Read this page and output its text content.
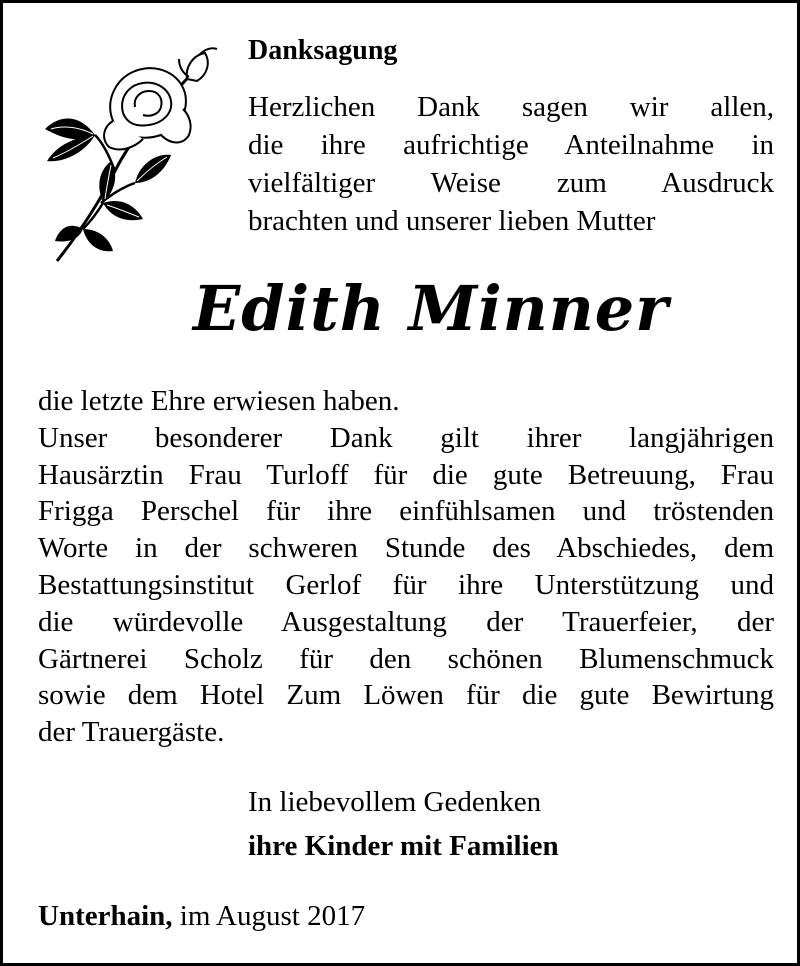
Danksagung
Herzlichen Dank sagen wir allen,
die ihre aufrichtige Anteilnahme in
vielfältiger Weise zum Ausdruck
brachten und unserer lieben Mutter
Edith Minner
die letzte Ehre erwiesen haben.
Unser besonderer Dank gilt ihrer langjährigen
Hausärztin Frau Turloff für die gute Betreuung, Frau
Frigga Perschel für ihre einfühlsamen und tröstenden
Worte in der schweren Stunde des Abschiedes, dem
Bestattungsinstitut Gerlof für ihre Unterstützung und
die würdevolle Ausgestaltung der Trauerfeier, der
Gärtnerei Scholz für den schönen Blumenschmuck
sowie dem Hotel Zum Löwen für die gute Bewirtung
der Trauergäste.
In liebevollem Gedenken
ihre Kinder mit Familien
Unterhain, im August 2017
